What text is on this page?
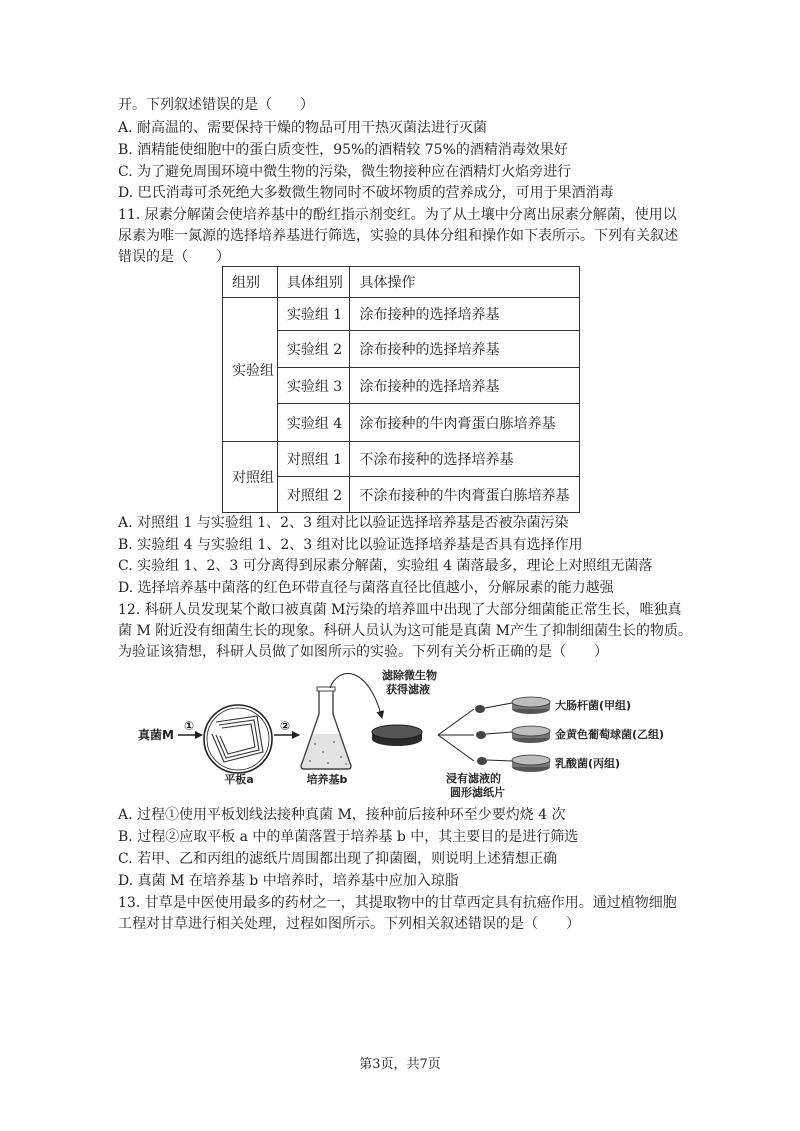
开。下列叙述错误的是（　　）
A. 耐高温的、需要保持干燥的物品可用干热灭菌法进行灭菌
B. 酒精能使细胞中的蛋白质变性，95%的酒精较 75%的酒精消毒效果好
C. 为了避免周围环境中微生物的污染，微生物接种应在酒精灯火焰旁进行
D. 巴氏消毒可杀死绝大多数微生物同时不破坏物质的营养成分，可用于果酒消毒
11. 尿素分解菌会使培养基中的酚红指示剂变红。为了从土壤中分离出尿素分解菌，使用以
尿素为唯一氮源的选择培养基进行筛选，实验的具体分组和操作如下表所示。下列有关叙述
错误的是（　　）
组别	具体组别	具体操作
实验组	实验组 1	涂布接种的选择培养基
	实验组 2	涂布接种的选择培养基
	实验组 3	涂布接种的选择培养基
	实验组 4	涂布接种的牛肉膏蛋白胨培养基
对照组	对照组 1	不涂布接种的选择培养基
	对照组 2	不涂布接种的牛肉膏蛋白胨培养基
A. 对照组 1 与实验组 1、2、3 组对比以验证选择培养基是否被杂菌污染
B. 实验组 4 与实验组 1、2、3 组对比以验证选择培养基是否具有选择作用
C. 实验组 1、2、3 可分离得到尿素分解菌，实验组 4 菌落最多，理论上对照组无菌落
D. 选择培养基中菌落的红色环带直径与菌落直径比值越小，分解尿素的能力越强
12. 科研人员发现某个敞口被真菌 M污染的培养皿中出现了大部分细菌能正常生长，唯独真
菌 M 附近没有细菌生长的现象。科研人员认为这可能是真菌 M产生了抑制细菌生长的物质。
为验证该猜想，科研人员做了如图所示的实验。下列有关分析正确的是（　　）
真菌M
①
平板a
②
培养基b
滤除微生物
获得滤液
大肠杆菌(甲组)
金黄色葡萄球菌(乙组)
乳酸菌(丙组)
浸有滤液的
圆形滤纸片
A. 过程①使用平板划线法接种真菌 M，接种前后接种环至少要灼烧 4 次
B. 过程②应取平板 a 中的单菌落置于培养基 b 中，其主要目的是进行筛选
C. 若甲、乙和丙组的滤纸片周围都出现了抑菌圈，则说明上述猜想正确
D. 真菌 M 在培养基 b 中培养时，培养基中应加入琼脂
13. 甘草是中医使用最多的药材之一，其提取物中的甘草西定具有抗癌作用。通过植物细胞
工程对甘草进行相关处理，过程如图所示。下列相关叙述错误的是（　　）
第3页，共7页
